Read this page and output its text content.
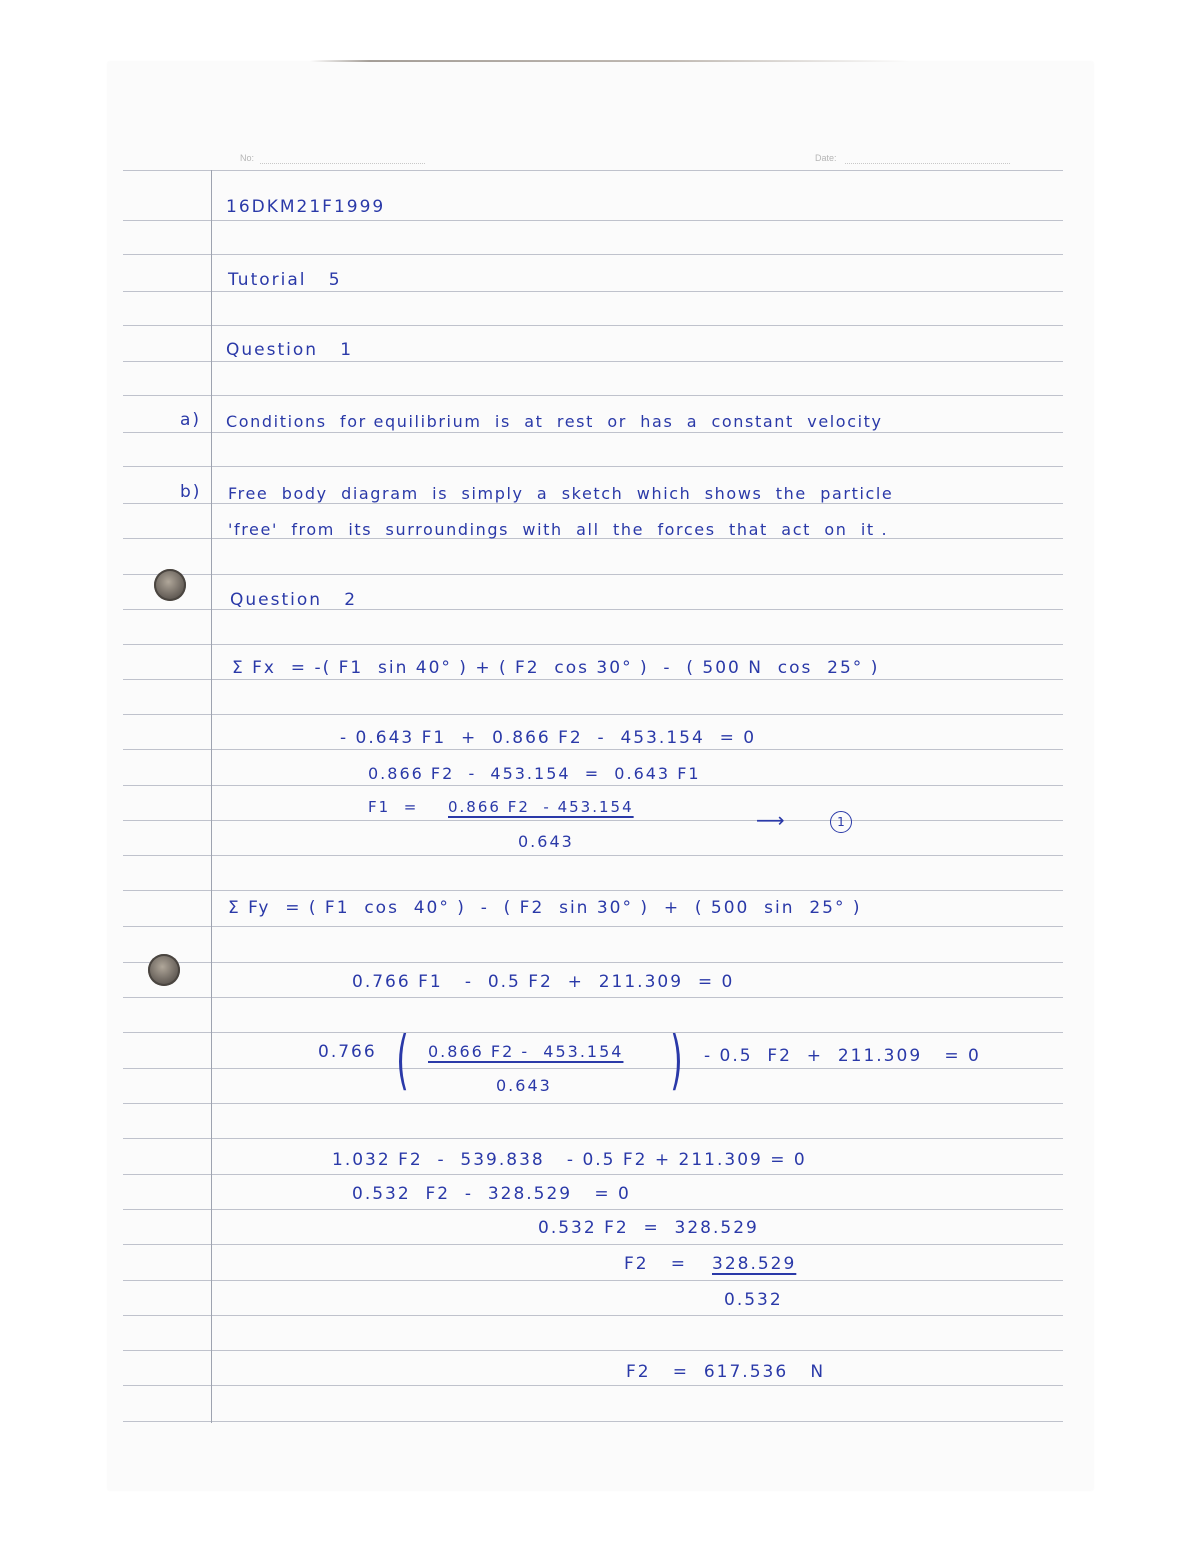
No:	Date:
16DKM21F1999
Tutorial   5
Question   1
a) Conditions  for equilibrium  is  at  rest  or  has  a  constant  velocity
b) Free  body  diagram  is  simply  a  sketch  which  shows  the  particle
'free'  from  its  surroundings  with  all  the  forces  that  act  on  it .
Question   2
Σ Fx  = -( F1  sin 40° ) + ( F2  cos 30° )  -  ( 500 N  cos  25° )
- 0.643 F1  +  0.866 F2  -  453.154  = 0
0.866 F2  -  453.154  =  0.643 F1
F1  = 0.866 F2  - 453.154
0.643
⟶	1
Σ Fy  = ( F1  cos  40° )  -  ( F2  sin 30° )  +  ( 500  sin  25° )
0.766 F1   -  0.5 F2  +  211.309  = 0
0.766 ( 0.866 F2 -  453.154
0.643 ) - 0.5  F2  +  211.309   = 0
1.032 F2  -  539.838   - 0.5 F2 + 211.309 = 0
0.532  F2  -  328.529   = 0
0.532 F2  =  328.529
F2   = 328.529
0.532
F2   =  617.536   N
